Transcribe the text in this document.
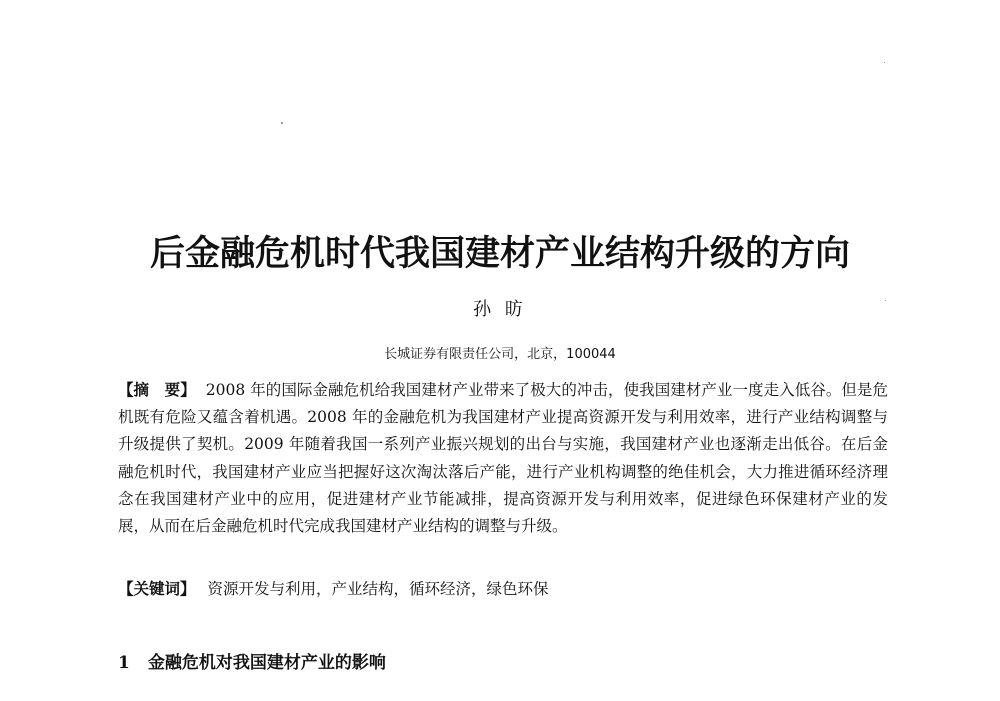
后金融危机时代我国建材产业结构升级的方向
孙 昉
长城证券有限责任公司，北京，100044
【摘　要】 2008 年的国际金融危机给我国建材产业带来了极大的冲击，使我国建材产业一度走入低谷。但是危机既有危险又蕴含着机遇。2008 年的金融危机为我国建材产业提高资源开发与利用效率，进行产业结构调整与升级提供了契机。2009 年随着我国一系列产业振兴规划的出台与实施，我国建材产业也逐渐走出低谷。在后金融危机时代，我国建材产业应当把握好这次淘汰落后产能，进行产业机构调整的绝佳机会，大力推进循环经济理念在我国建材产业中的应用，促进建材产业节能减排，提高资源开发与利用效率，促进绿色环保建材产业的发展，从而在后金融危机时代完成我国建材产业结构的调整与升级。
【关键词】 资源开发与利用，产业结构，循环经济，绿色环保
1 金融危机对我国建材产业的影响
